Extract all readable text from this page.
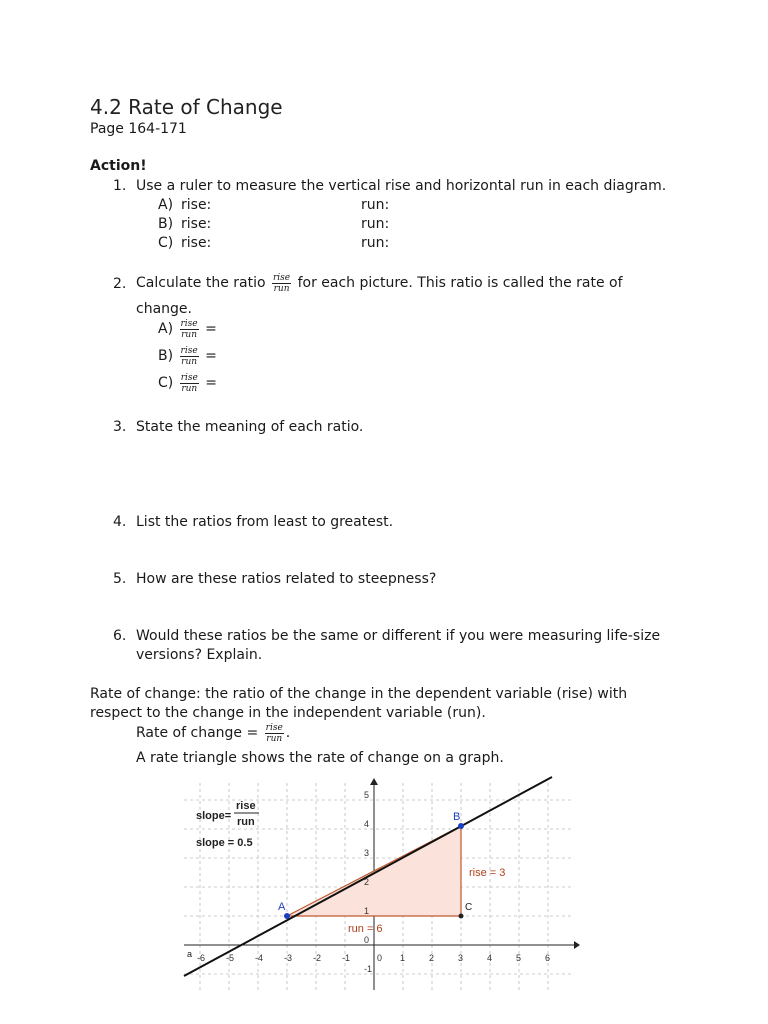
4.2 Rate of Change
Page 164-171
Action!
1. Use a ruler to measure the vertical rise and horizontal run in each diagram.
A) rise:	run:
B) rise:	run:
C) rise:	run:
2. Calculate the ratio $\frac{\text{rise}}{\text{run}}$ for each picture. This ratio is called the rate of
change.
$A) \frac{\text{rise}}{\text{run}}$ =
$B) \frac{\text{rise}}{\text{run}}$ =
$C) \frac{\text{rise}}{\text{run}}$ =
3. State the meaning of each ratio.
4. List the ratios from least to greatest.
5. How are these ratios related to steepness?
6. Would these ratios be the same or different if you were measuring life-size
versions? Explain.
Rate of change: the ratio of the change in the dependent variable (rise) with
respect to the change in the independent variable (run).
Rate of change = $\frac{\text{rise}}{\text{run}}$ .
A rate triangle shows the rate of change on a graph.
A
B
C
rise = 3
run = 6
slope=
rise
run
slope = 0.5
a -6 -5 -4 -3 -2 -1	0 1	2	3	4	5	6
5
4
3
2
1
0
-1
